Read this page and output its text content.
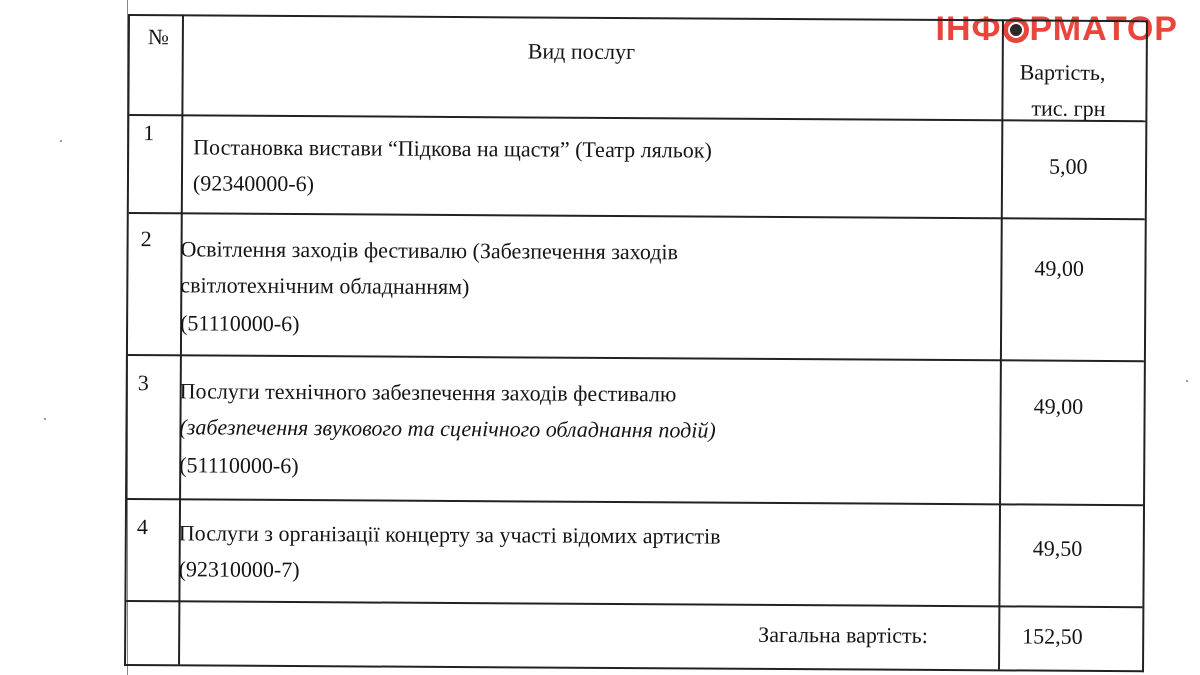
ІНФ РМАТОР
№
Вид послуг
Вартість,
тис. грн
1
Постановка вистави “Підкова на щастя” (Театр ляльок)
(92340000-6)
5,00
2 Освітлення заходів фестивалю (Забезпечення заходів
світлотехнічним обладнанням)
(51110000-6)
49,00
3 Послуги технічного забезпечення заходів фестивалю
(забезпечення звукового та сценічного обладнання подій)
(51110000-6)
49,00
4 Послуги з організації концерту за участі відомих артистів
(92310000-7)
49,50
Загальна вартість:	152,50
